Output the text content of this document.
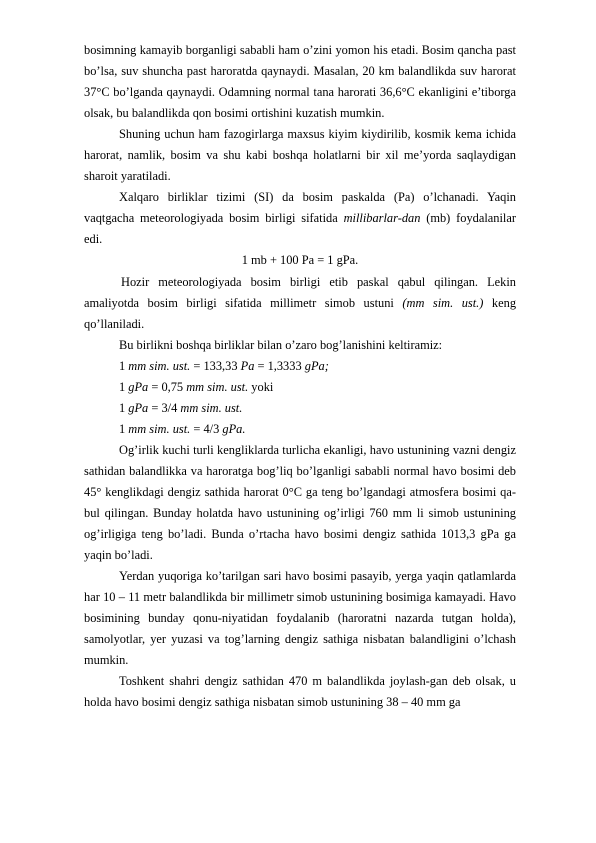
bosimning kamayib borganligi sababli ham o’zini yomon his etadi. Bosim qancha past bo’lsa, suv shuncha past haroratda qaynaydi. Masalan, 20 km balandlikda suv harorat 37°C bo’lganda qaynaydi. Odamning normal tana harorati 36,6°C ekanligini e’tiborga olsak, bu balandlikda qon bosimi ortishini kuzatish mumkin.

Shuning uchun ham fazogirlarga maxsus kiyim kiydirilib, kosmik kema ichida harorat, namlik, bosim va shu kabi boshqa holatlarni bir xil me’yorda saqlaydigan sharoit yaratiladi.

Xalqaro birliklar tizimi (SI) da bosim paskalda (Pa) o’lchanadi. Yaqin vaqtgacha meteorologiyada bosim birligi sifatida millibarlar-dan (mb) foydalanilar edi.

1 mb + 100 Pa = 1 gPa.

Hozir meteorologiyada bosim birligi etib paskal qabul qilingan. Lekin amaliyotda bosim birligi sifatida millimetr simob ustuni (mm sim. ust.) keng qo’llaniladi.

Bu birlikni boshqa birliklar bilan o’zaro bog’lanishini keltiramiz:

1 mm sim. ust. = 133,33 Pa = 1,3333 gPa;

1 gPa = 0,75 mm sim. ust. yoki

1 gPa = 3/4 mm sim. ust.

1 mm sim. ust. = 4/3 gPa.

Og’irlik kuchi turli kengliklarda turlicha ekanligi, havo ustunining vazni dengiz sathidan balandlikka va haroratga bog’liq bo’lganligi sababli normal havo bosimi deb 45° kenglikdagi dengiz sathida harorat 0°C ga teng bo’lgandagi atmosfera bosimi qa-bul qilingan. Bunday holatda havo ustunining og’irligi 760 mm li simob ustunining og’irligiga teng bo’ladi. Bunda o’rtacha havo bosimi dengiz sathida 1013,3 gPa ga yaqin bo’ladi.

Yerdan yuqoriga ko’tarilgan sari havo bosimi pasayib, yerga yaqin qatlamlarda har 10 – 11 metr balandlikda bir millimetr simob ustunining bosimiga kamayadi. Havo bosimining bunday qonu-niyatidan foydalanib (haroratni nazarda tutgan holda), samolyotlar, yer yuzasi va tog’larning dengiz sathiga nisbatan balandligini o’lchash mumkin.

Toshkent shahri dengiz sathidan 470 m balandlikda joylash-gan deb olsak, u holda havo bosimi dengiz sathiga nisbatan simob ustunining 38 – 40 mm ga
